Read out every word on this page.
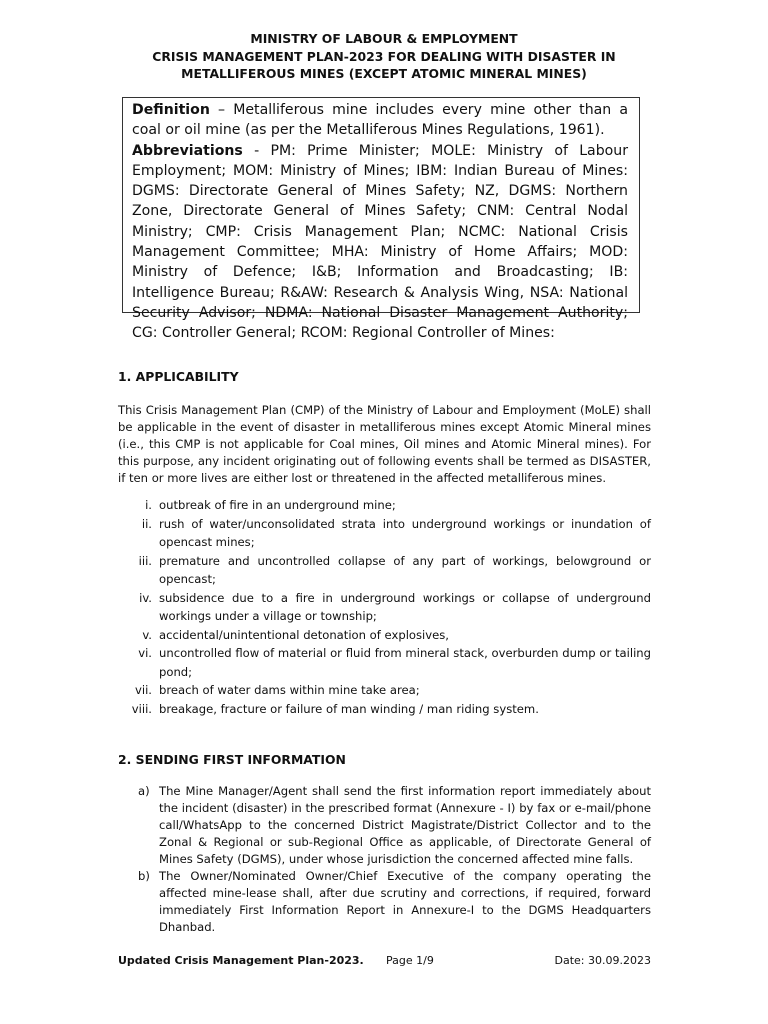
MINISTRY OF LABOUR & EMPLOYMENT
CRISIS MANAGEMENT PLAN-2023 FOR DEALING WITH DISASTER IN
METALLIFEROUS MINES (EXCEPT ATOMIC MINERAL MINES)

Definition – Metalliferous mine includes every mine other than a coal or oil mine (as per the Metalliferous Mines Regulations, 1961).

Abbreviations - PM: Prime Minister; MOLE: Ministry of Labour Employment; MOM: Ministry of Mines; IBM: Indian Bureau of Mines: DGMS: Directorate General of Mines Safety; NZ, DGMS: Northern Zone, Directorate General of Mines Safety; CNM: Central Nodal Ministry; CMP: Crisis Management Plan; NCMC: National Crisis Management Committee; MHA: Ministry of Home Affairs; MOD: Ministry of Defence; I&B; Information and Broadcasting; IB: Intelligence Bureau; R&AW: Research & Analysis Wing, NSA: National Security Advisor; NDMA: National Disaster Management Authority; CG: Controller General; RCOM: Regional Controller of Mines:

1. APPLICABILITY
This Crisis Management Plan (CMP) of the Ministry of Labour and Employment (MoLE) shall be applicable in the event of disaster in metalliferous mines except Atomic Mineral mines (i.e., this CMP is not applicable for Coal mines, Oil mines and Atomic Mineral mines). For this purpose, any incident originating out of following events shall be termed as DISASTER, if ten or more lives are either lost or threatened in the affected metalliferous mines.
i. outbreak of fire in an underground mine;
ii. rush of water/unconsolidated strata into underground workings or inundation of opencast mines;
iii. premature and uncontrolled collapse of any part of workings, belowground or opencast;
iv. subsidence due to a fire in underground workings or collapse of underground workings under a village or township;
v. accidental/unintentional detonation of explosives,
vi. uncontrolled flow of material or fluid from mineral stack, overburden dump or tailing pond;
vii. breach of water dams within mine take area;
viii. breakage, fracture or failure of man winding / man riding system.
2. SENDING FIRST INFORMATION
a) The Mine Manager/Agent shall send the first information report immediately about the incident (disaster) in the prescribed format (Annexure - I) by fax or e-mail/phone call/WhatsApp to the concerned District Magistrate/District Collector and to the Zonal & Regional or sub-Regional Office as applicable, of Directorate General of Mines Safety (DGMS), under whose jurisdiction the concerned affected mine falls.
b) The Owner/Nominated Owner/Chief Executive of the company operating the affected mine-lease shall, after due scrutiny and corrections, if required, forward immediately First Information Report in Annexure-I to the DGMS Headquarters Dhanbad.
Updated Crisis Management Plan-2023. Page 1/9	Date: 30.09.2023
